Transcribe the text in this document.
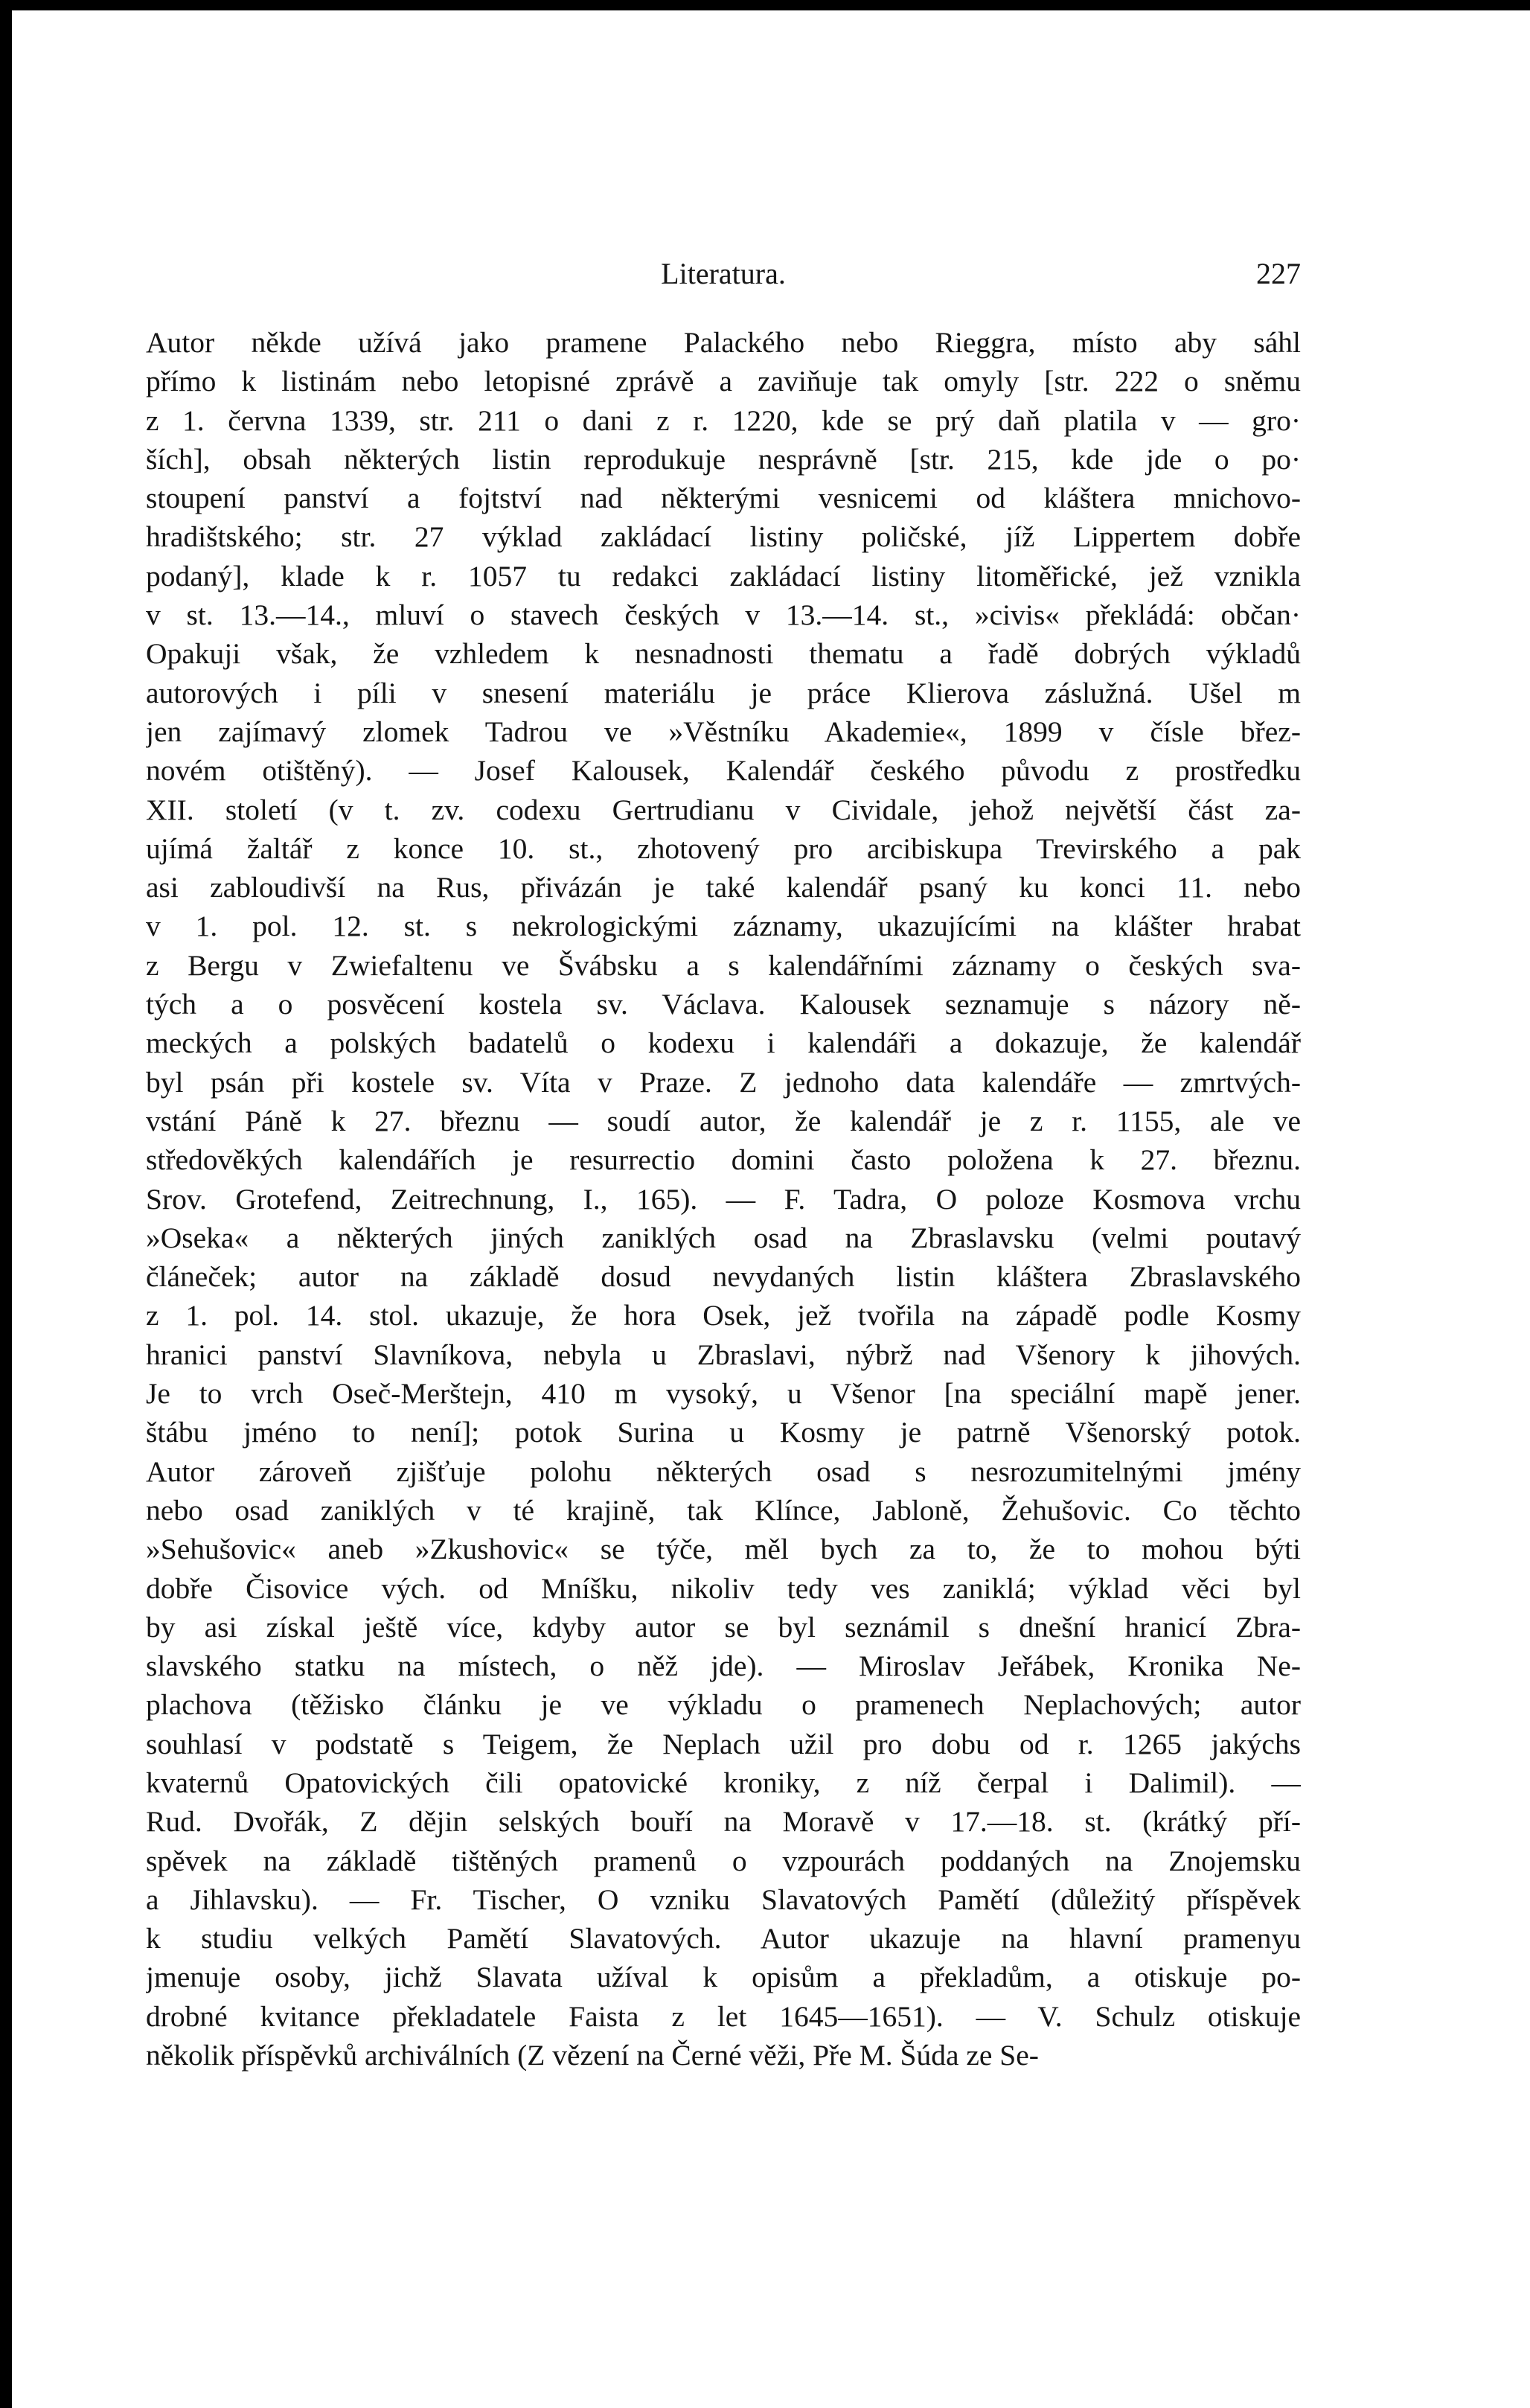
Literatura.	227
Autor někde užívá jako pramene Palackého nebo Rieggra, místo aby sáhl
přímo k listinám nebo letopisné zprávě a zaviňuje tak omyly [str. 222 o sněmu
z 1. června 1339, str. 211 o dani z r. 1220, kde se prý daň platila v — gro·
ších], obsah některých listin reprodukuje nesprávně [str. 215, kde jde o po·
stoupení panství a fojtství nad některými vesnicemi od kláštera mnichovo-
hradištského; str. 27 výklad zakládací listiny poličské, jíž Lippertem dobře
podaný], klade k r. 1057 tu redakci zakládací listiny litoměřické, jež vznikla
v st. 13.—14., mluví o stavech českých v 13.—14. st., »civis« překládá: občan·
Opakuji však, že vzhledem k nesnadnosti thematu a řadě dobrých výkladů
autorových i píli v snesení materiálu je práce Klierova záslužná. Ušel m
jen zajímavý zlomek Tadrou ve »Věstníku Akademie«, 1899 v čísle břez-
novém otištěný). — Josef Kalousek, Kalendář českého původu z prostředku
XII. století (v t. zv. codexu Gertrudianu v Cividale, jehož největší část za-
ujímá žaltář z konce 10. st., zhotovený pro arcibiskupa Trevirského a pak
asi zabloudivší na Rus, přivázán je také kalendář psaný ku konci 11. nebo
v 1. pol. 12. st. s nekrologickými záznamy, ukazujícími na klášter hrabat
z Bergu v Zwiefaltenu ve Švábsku a s kalendářními záznamy o českých sva-
tých a o posvěcení kostela sv. Václava. Kalousek seznamuje s názory ně-
meckých a polských badatelů o kodexu i kalendáři a dokazuje, že kalendář
byl psán při kostele sv. Víta v Praze. Z jednoho data kalendáře — zmrtvých-
vstání Páně k 27. březnu — soudí autor, že kalendář je z r. 1155, ale ve
středověkých kalendářích je resurrectio domini často položena k 27. březnu.
Srov. Grotefend, Zeitrechnung, I., 165). — F. Tadra, O poloze Kosmova vrchu
»Oseka« a některých jiných zaniklých osad na Zbraslavsku (velmi poutavý
článeček; autor na základě dosud nevydaných listin kláštera Zbraslavského
z 1. pol. 14. stol. ukazuje, že hora Osek, jež tvořila na západě podle Kosmy
hranici panství Slavníkova, nebyla u Zbraslavi, nýbrž nad Všenory k jihových.
Je to vrch Oseč-Merštejn, 410 m vysoký, u Všenor [na speciální mapě jener.
štábu jméno to není]; potok Surina u Kosmy je patrně Všenorský potok.
Autor zároveň zjišťuje polohu některých osad s nesrozumitelnými jmény
nebo osad zaniklých v té krajině, tak Klínce, Jabloně, Žehušovic. Co těchto
»Sehušovic« aneb »Zkushovic« se týče, měl bych za to, že to mohou býti
dobře Čisovice vých. od Mníšku, nikoliv tedy ves zaniklá; výklad věci byl
by asi získal ještě více, kdyby autor se byl seznámil s dnešní hranicí Zbra-
slavského statku na místech, o něž jde). — Miroslav Jeřábek, Kronika Ne-
plachova (těžisko článku je ve výkladu o pramenech Neplachových; autor
souhlasí v podstatě s Teigem, že Neplach užil pro dobu od r. 1265 jakýchs
kvaternů Opatovických čili opatovické kroniky, z níž čerpal i Dalimil). —
Rud. Dvořák, Z dějin selských bouří na Moravě v 17.—18. st. (krátký pří-
spěvek na základě tištěných pramenů o vzpourách poddaných na Znojemsku
a Jihlavsku). — Fr. Tischer, O vzniku Slavatových Pamětí (důležitý příspěvek
k studiu velkých Pamětí Slavatových. Autor ukazuje na hlavní pramenyu
jmenuje osoby, jichž Slavata užíval k opisům a překladům, a otiskuje po-
drobné kvitance překladatele Faista z let 1645—1651). — V. Schulz otiskuje
několik příspěvků archiválních (Z vězení na Černé věži, Pře M. Šúda ze Se-
